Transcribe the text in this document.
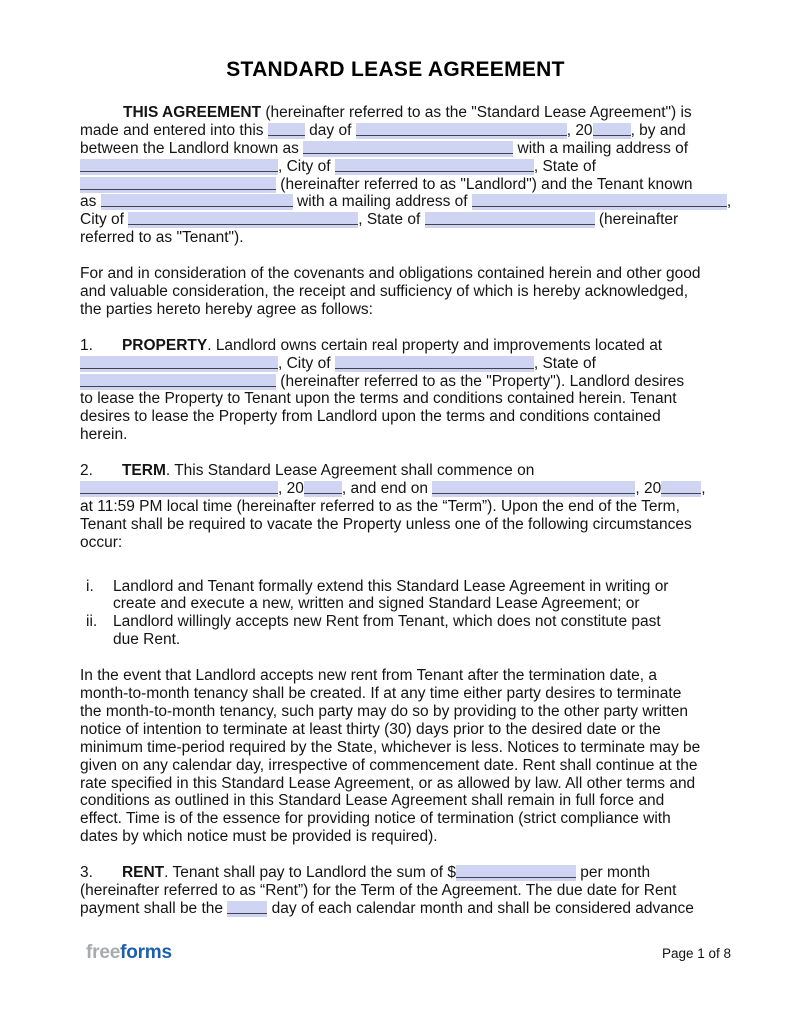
STANDARD LEASE AGREEMENT
THIS AGREEMENT (hereinafter referred to as the "Standard Lease Agreement") is
made and entered into this  day of	, 20 , by and
between the Landlord known as	with a mailing address of
, City of	, State of
(hereinafter referred to as "Landlord") and the Tenant known
as	with a mailing address of	,
City of	, State of	(hereinafter
referred to as "Tenant").
For and in consideration of the covenants and obligations contained herein and other good
and valuable consideration, the receipt and sufficiency of which is hereby acknowledged,
the parties hereto hereby agree as follows:
1. PROPERTY. Landlord owns certain real property and improvements located at
, City of	, State of
(hereinafter referred to as the "Property"). Landlord desires
to lease the Property to Tenant upon the terms and conditions contained herein. Tenant
desires to lease the Property from Landlord upon the terms and conditions contained
herein.
2. TERM. This Standard Lease Agreement shall commence on
, 20 , and end on	, 20	,
at 11:59 PM local time (hereinafter referred to as the “Term”). Upon the end of the Term,
Tenant shall be required to vacate the Property unless one of the following circumstances
occur:
i.	Landlord and Tenant formally extend this Standard Lease Agreement in writing or
create and execute a new, written and signed Standard Lease Agreement; or
ii.	Landlord willingly accepts new Rent from Tenant, which does not constitute past
due Rent.
In the event that Landlord accepts new rent from Tenant after the termination date, a
month-to-month tenancy shall be created. If at any time either party desires to terminate
the month-to-month tenancy, such party may do so by providing to the other party written
notice of intention to terminate at least thirty (30) days prior to the desired date or the
minimum time-period required by the State, whichever is less. Notices to terminate may be
given on any calendar day, irrespective of commencement date. Rent shall continue at the
rate specified in this Standard Lease Agreement, or as allowed by law. All other terms and
conditions as outlined in this Standard Lease Agreement shall remain in full force and
effect. Time is of the essence for providing notice of termination (strict compliance with
dates by which notice must be provided is required).
3. RENT. Tenant shall pay to Landlord the sum of $	per month
(hereinafter referred to as “Rent”) for the Term of the Agreement. The due date for Rent
payment shall be the	day of each calendar month and shall be considered advance
freeforms	Page 1 of 8
